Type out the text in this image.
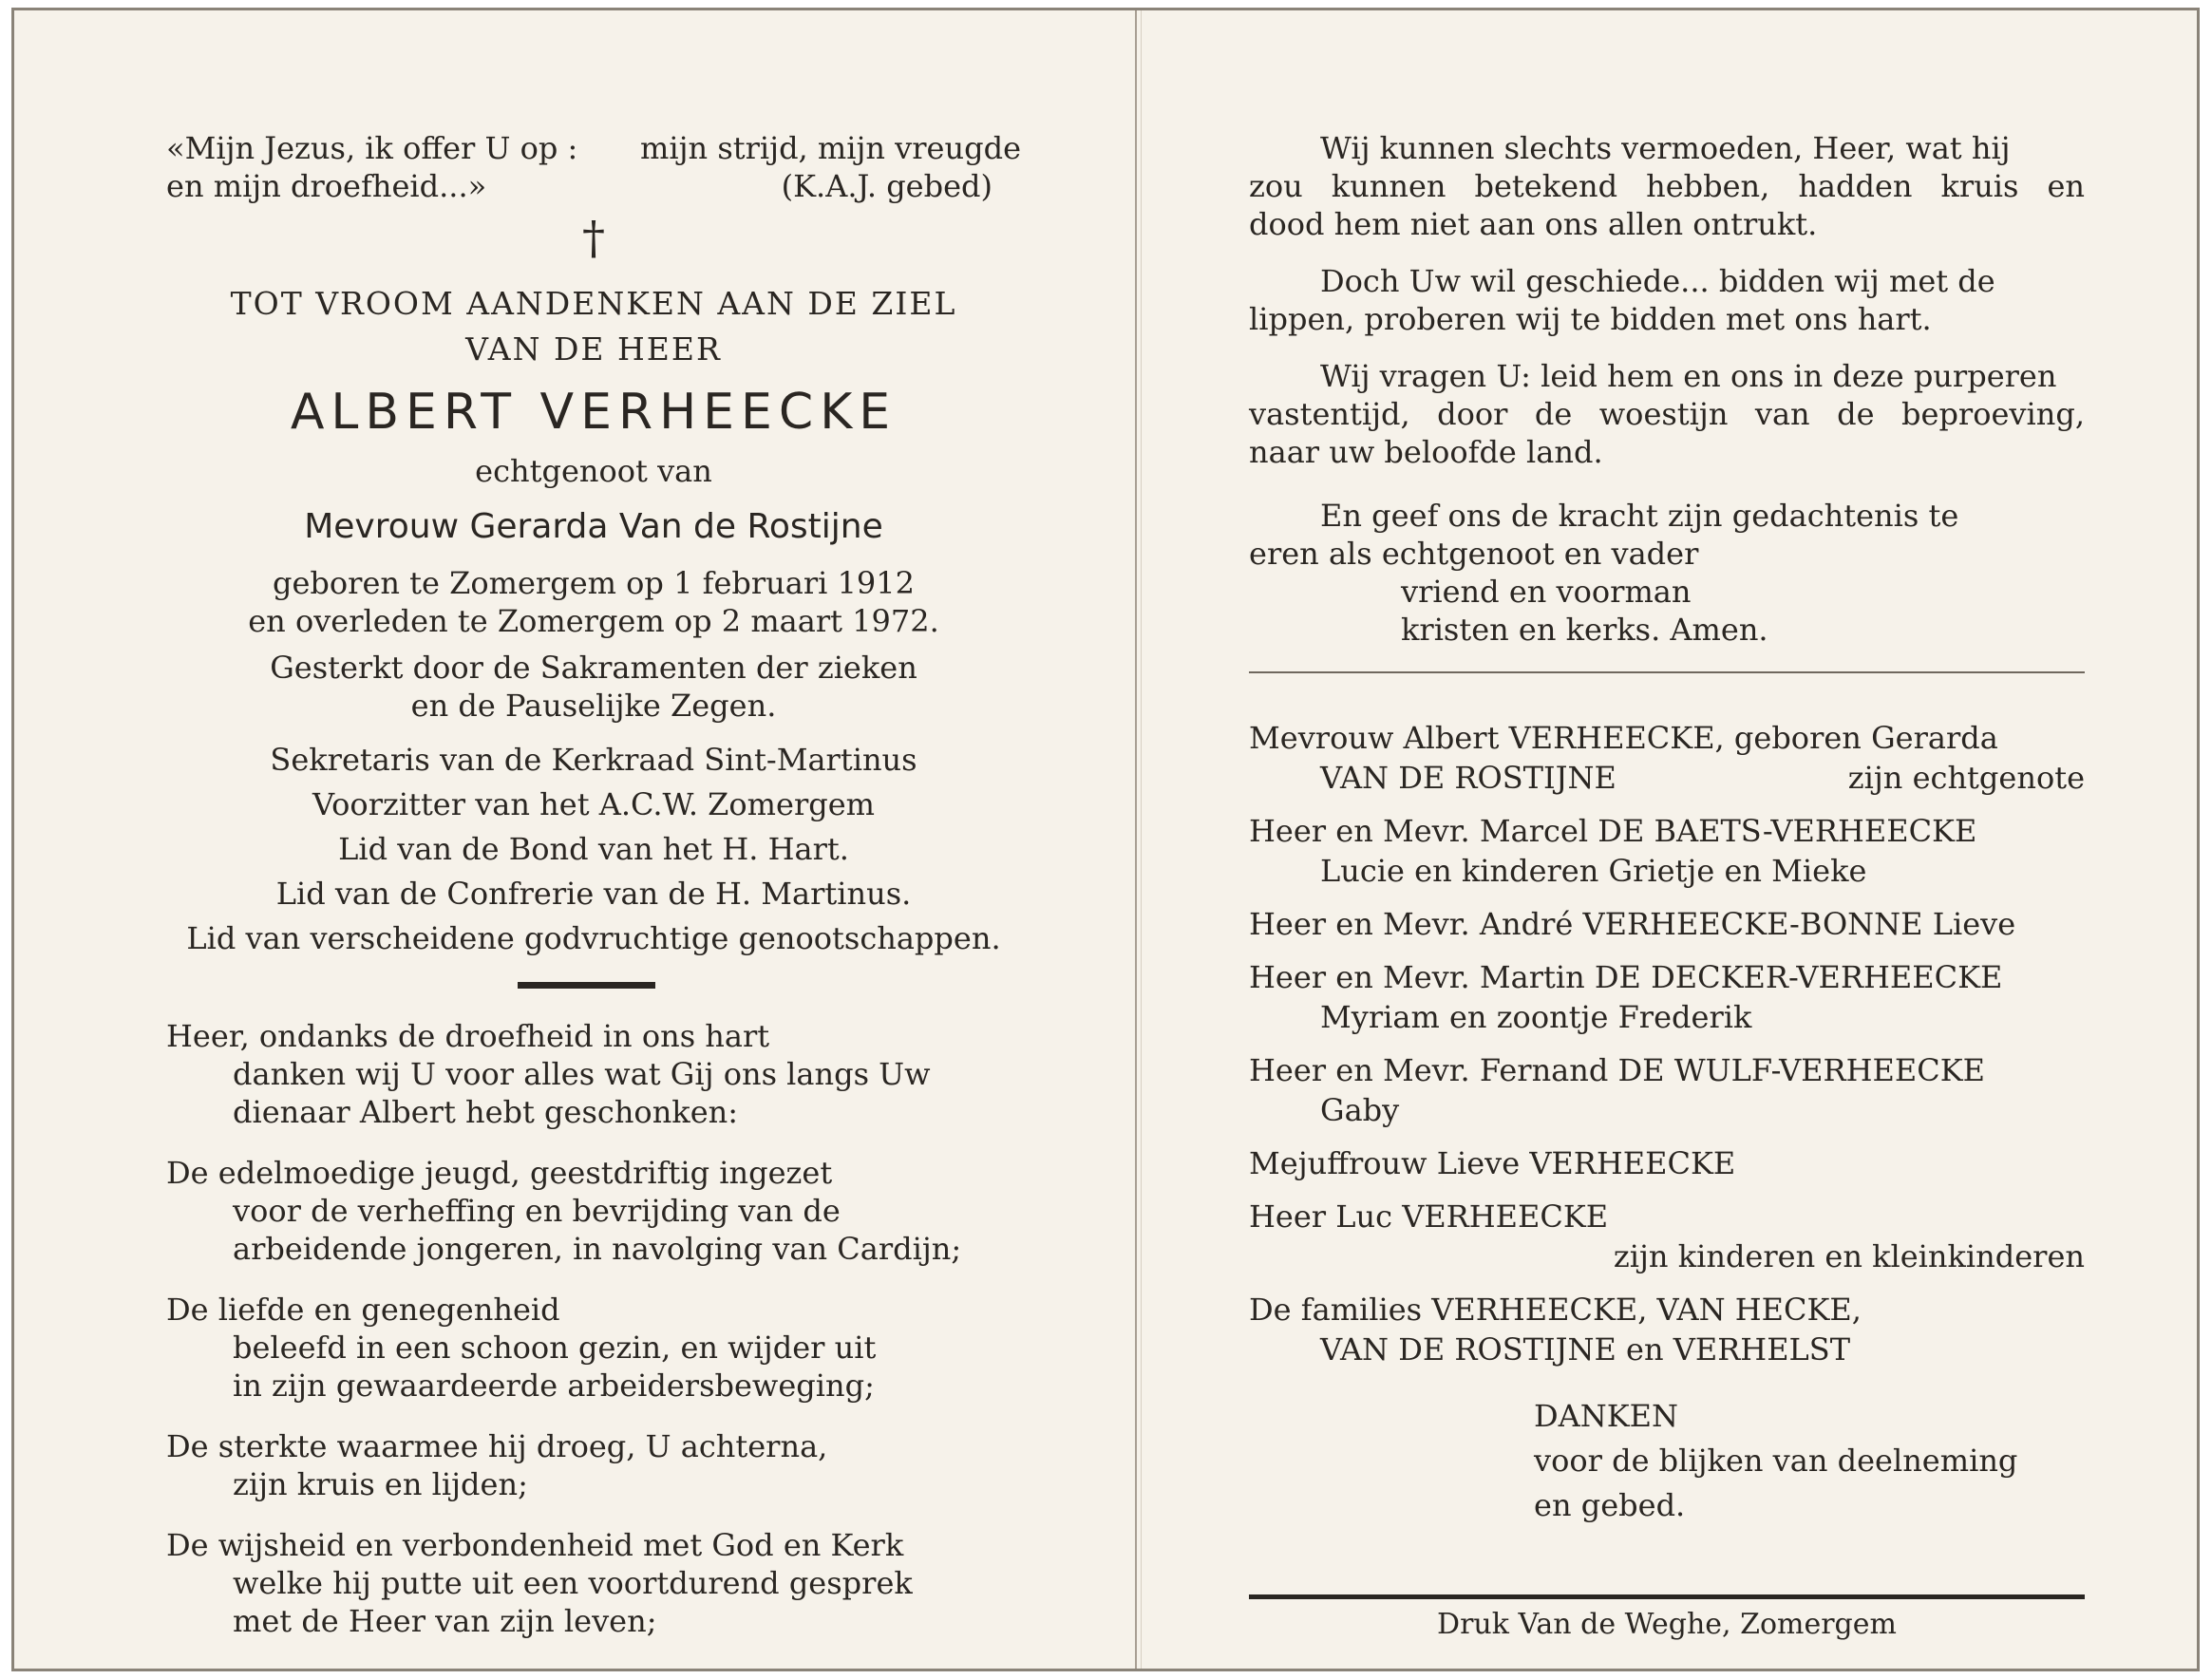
«Mijn Jezus, ik offer U op : mijn strijd, mijn vreugde
en mijn droefheid...»	(K.A.J. gebed)
†
TOT VROOM AANDENKEN AAN DE ZIEL
VAN DE HEER
ALBERT VERHEECKE
echtgenoot van
Mevrouw Gerarda Van de Rostijne
geboren te Zomergem op 1 februari 1912
en overleden te Zomergem op 2 maart 1972.
Gesterkt door de Sakramenten der zieken
en de Pauselijke Zegen.
Sekretaris van de Kerkraad Sint-Martinus
Voorzitter van het A.C.W. Zomergem
Lid van de Bond van het H. Hart.
Lid van de Confrerie van de H. Martinus.
Lid van verscheidene godvruchtige genootschappen.
Heer, ondanks de droefheid in ons hart
danken wij U voor alles wat Gij ons langs Uw
dienaar Albert hebt geschonken:
De edelmoedige jeugd, geestdriftig ingezet
voor de verheffing en bevrijding van de
arbeidende jongeren, in navolging van Cardijn;
De liefde en genegenheid
beleefd in een schoon gezin, en wijder uit
in zijn gewaardeerde arbeidersbeweging;
De sterkte waarmee hij droeg, U achterna,
zijn kruis en lijden;
De wijsheid en verbondenheid met God en Kerk
welke hij putte uit een voortdurend gesprek
met de Heer van zijn leven;
Wij kunnen slechts vermoeden, Heer, wat hij
zou kunnen betekend hebben, hadden kruis en
dood hem niet aan ons allen ontrukt.
Doch Uw wil geschiede... bidden wij met de
lippen, proberen wij te bidden met ons hart.
Wij vragen U: leid hem en ons in deze purperen
vastentijd, door de woestijn van de beproeving,
naar uw beloofde land.
En geef ons de kracht zijn gedachtenis te
eren als echtgenoot en vader
vriend en voorman
kristen en kerks. Amen.
Mevrouw Albert VERHEECKE, geboren Gerarda
VAN DE ROSTIJNE	zijn echtgenote
Heer en Mevr. Marcel DE BAETS-VERHEECKE
Lucie en kinderen Grietje en Mieke
Heer en Mevr. André VERHEECKE-BONNE Lieve
Heer en Mevr. Martin DE DECKER-VERHEECKE
Myriam en zoontje Frederik
Heer en Mevr. Fernand DE WULF-VERHEECKE
Gaby
Mejuffrouw Lieve VERHEECKE
Heer Luc VERHEECKE
zijn kinderen en kleinkinderen
De families VERHEECKE, VAN HECKE,
VAN DE ROSTIJNE en VERHELST
DANKEN
voor de blijken van deelneming
en gebed.
Druk Van de Weghe, Zomergem
